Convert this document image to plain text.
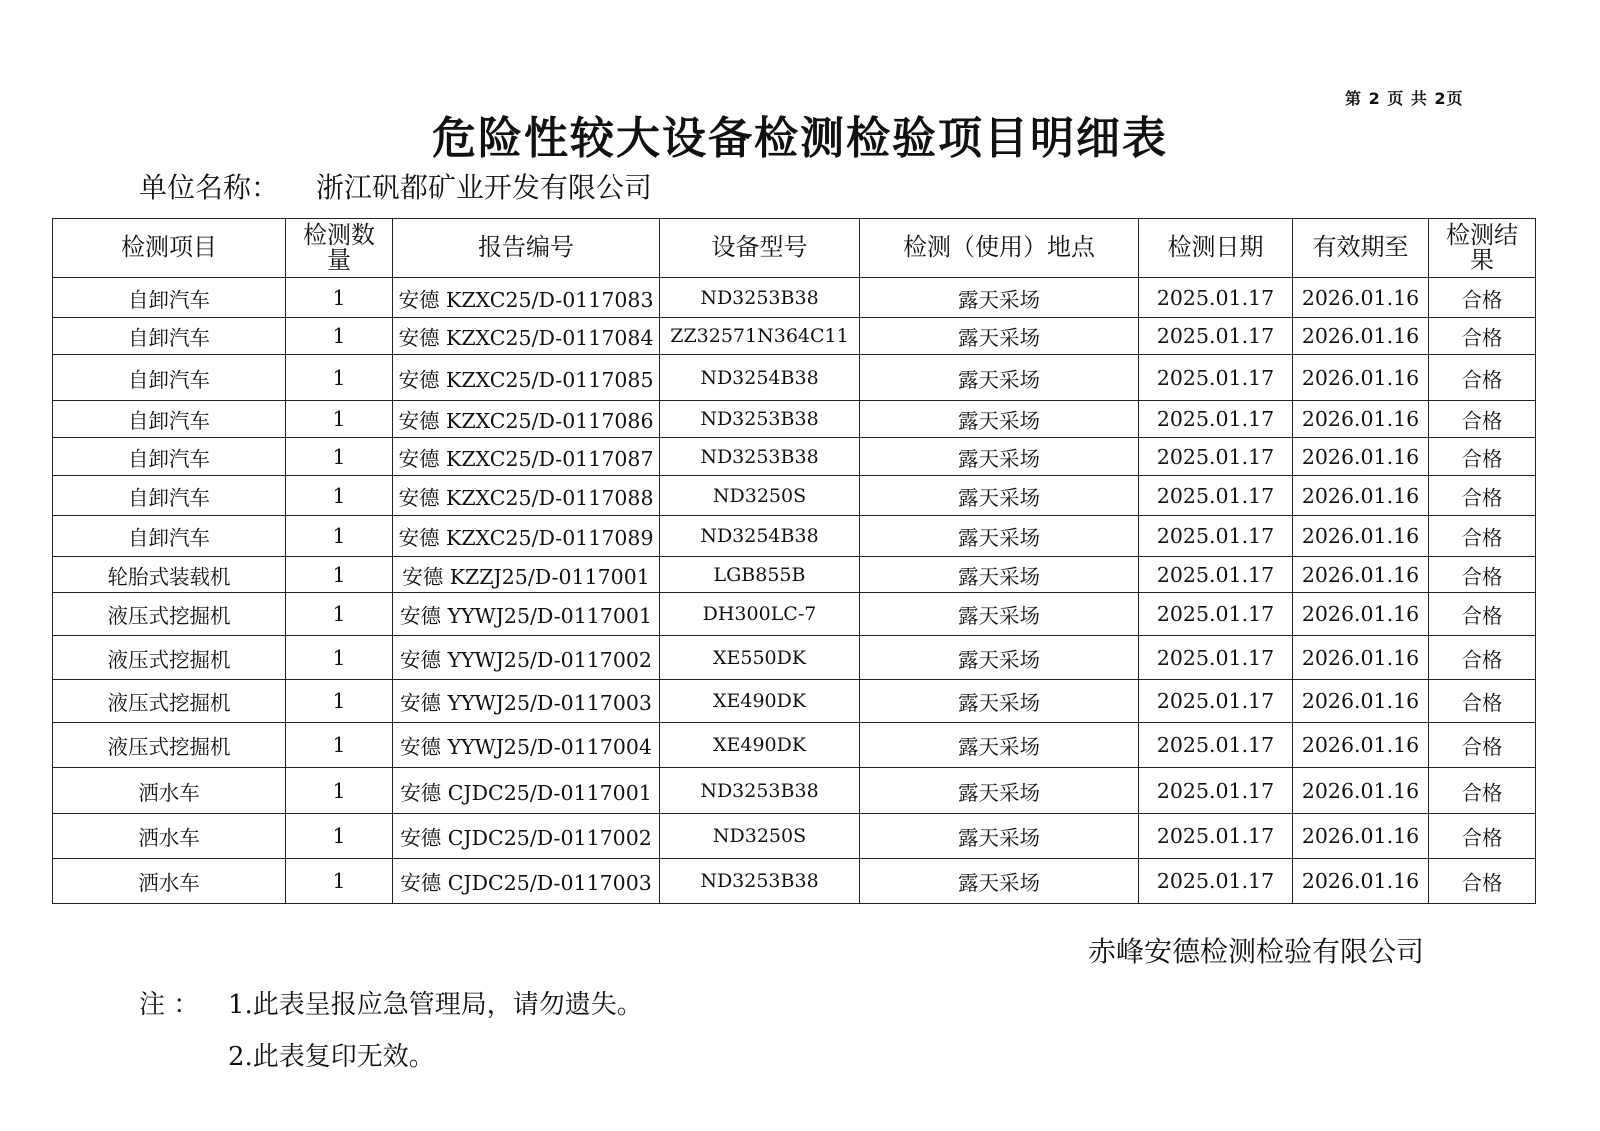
第 2 页 共 2页
危险性较大设备检测检验项目明细表
单位名称： 浙江矾都矿业开发有限公司
检测项目	检测数量	报告编号	设备型号	检测（使用）地点	检测日期	有效期至	检测结果
自卸汽车	1	安德 KZXC25/D-0117083	ND3253B38	露天采场	2025.01.17	2026.01.16	合格
自卸汽车	1	安德 KZXC25/D-0117084	ZZ32571N364C11	露天采场	2025.01.17	2026.01.16	合格
自卸汽车	1	安德 KZXC25/D-0117085	ND3254B38	露天采场	2025.01.17	2026.01.16	合格
自卸汽车	1	安德 KZXC25/D-0117086	ND3253B38	露天采场	2025.01.17	2026.01.16	合格
自卸汽车	1	安德 KZXC25/D-0117087	ND3253B38	露天采场	2025.01.17	2026.01.16	合格
自卸汽车	1	安德 KZXC25/D-0117088	ND3250S	露天采场	2025.01.17	2026.01.16	合格
自卸汽车	1	安德 KZXC25/D-0117089	ND3254B38	露天采场	2025.01.17	2026.01.16	合格
轮胎式装载机	1	安德 KZZJ25/D-0117001	LGB855B	露天采场	2025.01.17	2026.01.16	合格
液压式挖掘机	1	安德 YYWJ25/D-0117001	DH300LC-7	露天采场	2025.01.17	2026.01.16	合格
液压式挖掘机	1	安德 YYWJ25/D-0117002	XE550DK	露天采场	2025.01.17	2026.01.16	合格
液压式挖掘机	1	安德 YYWJ25/D-0117003	XE490DK	露天采场	2025.01.17	2026.01.16	合格
液压式挖掘机	1	安德 YYWJ25/D-0117004	XE490DK	露天采场	2025.01.17	2026.01.16	合格
洒水车	1	安德 CJDC25/D-0117001	ND3253B38	露天采场	2025.01.17	2026.01.16	合格
洒水车	1	安德 CJDC25/D-0117002	ND3250S	露天采场	2025.01.17	2026.01.16	合格
洒水车	1	安德 CJDC25/D-0117003	ND3253B38	露天采场	2025.01.17	2026.01.16	合格
赤峰安德检测检验有限公司
注 ： 1.此表呈报应急管理局，请勿遗失。
2.此表复印无效。
